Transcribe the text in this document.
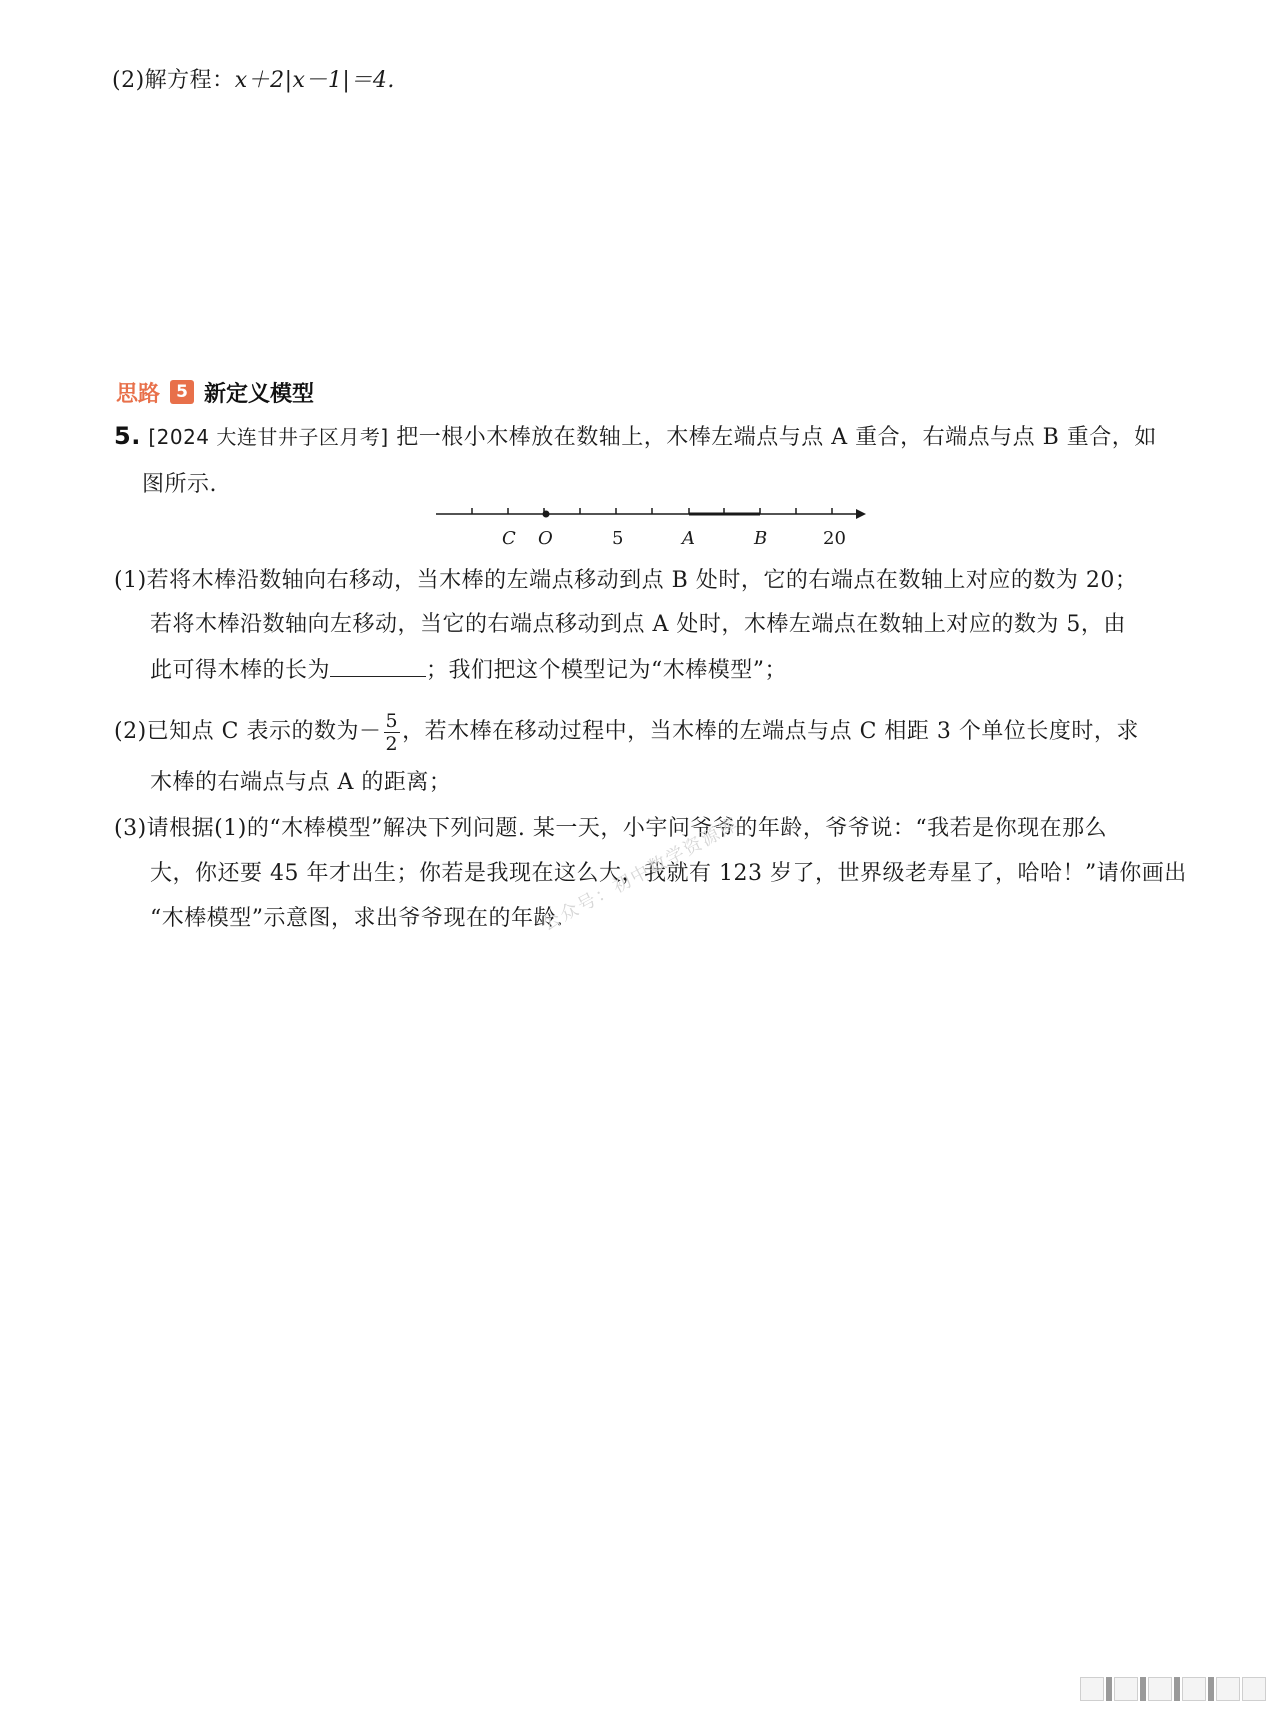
(2)解方程：x＋2|x－1|＝4.
思路 5 新定义模型
5. [2024 大连甘井子区月考] 把一根小木棒放在数轴上，木棒左端点与点 A 重合，右端点与点 B 重合，如
图所示.
C O	5	A	B	20
(1)若将木棒沿数轴向右移动，当木棒的左端点移动到点 B 处时，它的右端点在数轴上对应的数为 20；
若将木棒沿数轴向左移动，当它的右端点移动到点 A 处时，木棒左端点在数轴上对应的数为 5，由
此可得木棒的长为	；我们把这个模型记为“木棒模型”；
(2)已知点 C 表示的数为－ $\frac{5}{2}$ ，若木棒在移动过程中，当木棒的左端点与点 C 相距 3 个单位长度时，求
木棒的右端点与点 A 的距离；
(3)请根据(1)的“木棒模型”解决下列问题. 某一天，小宇问爷爷的年龄，爷爷说：“我若是你现在那么
大，你还要 45 年才出生；你若是我现在这么大，我就有 123 岁了，世界级老寿星了，哈哈！”请你画出
“木棒模型”示意图，求出爷爷现在的年龄.
公众号：初中数学资源库
